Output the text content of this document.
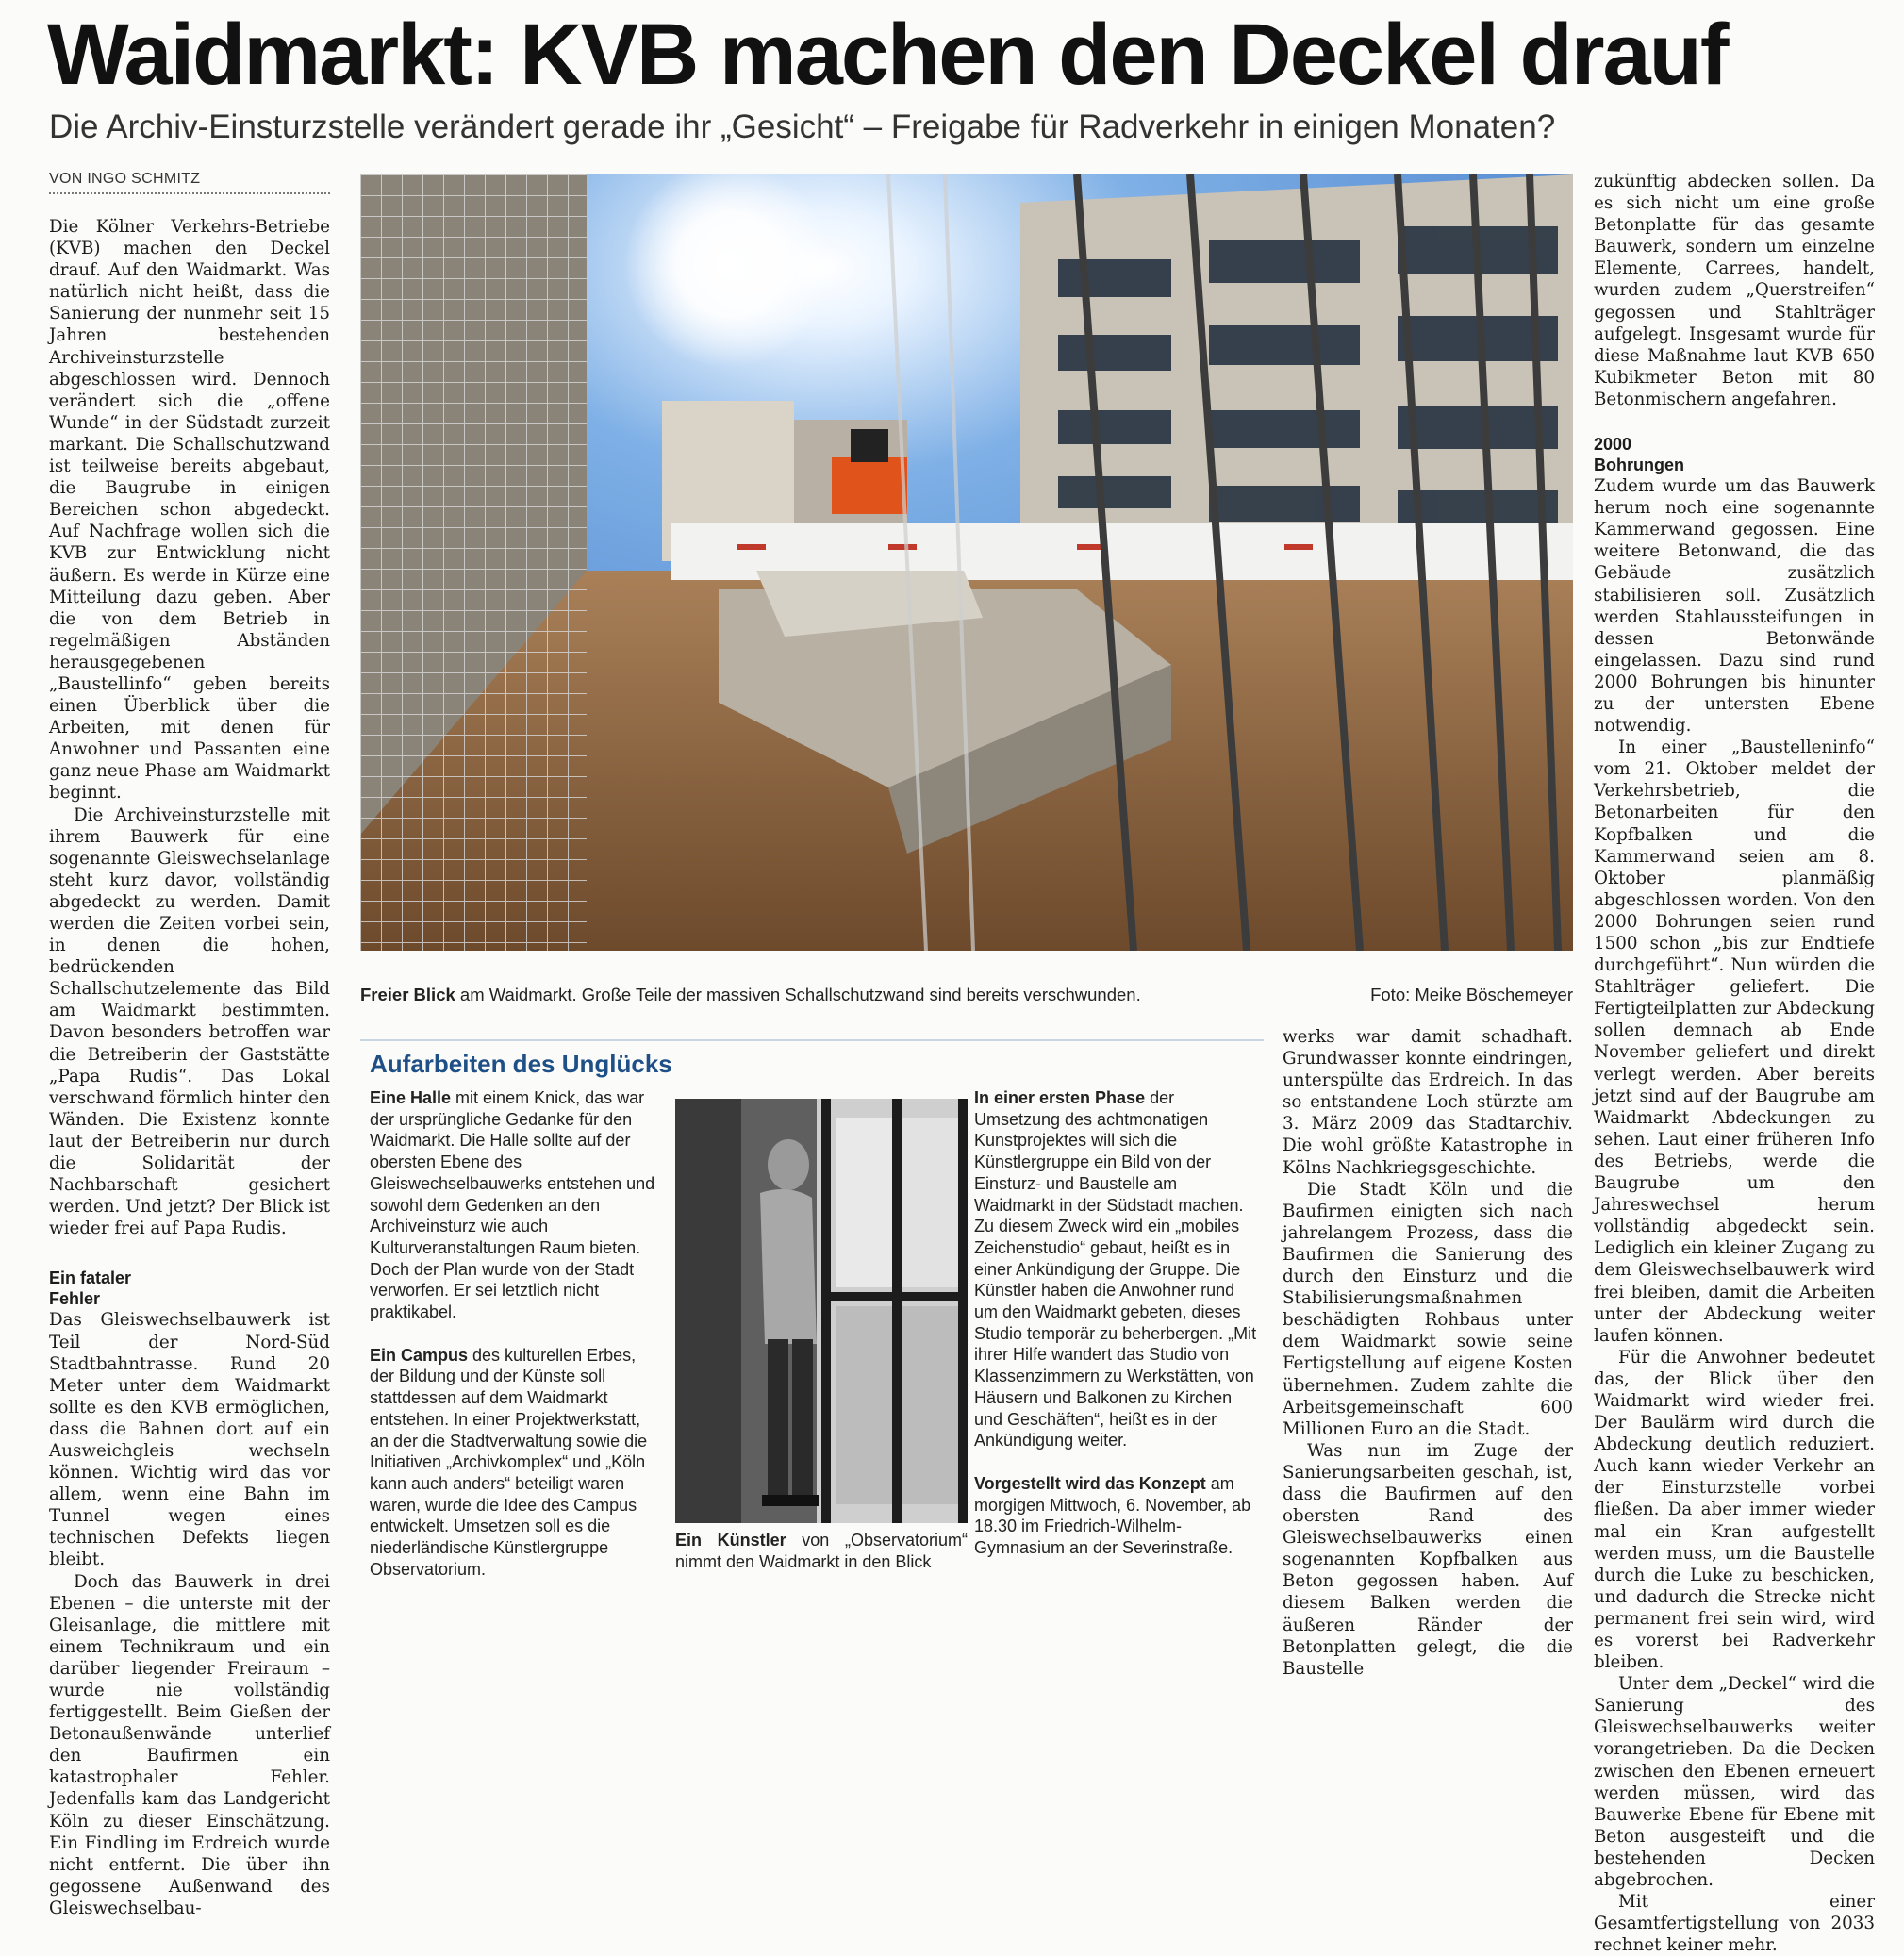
Waidmarkt: KVB machen den Deckel drauf
Die Archiv-Einsturzstelle verändert gerade ihr „Gesicht“ – Freigabe für Radverkehr in einigen Monaten?
VON INGO SCHMITZ

Die Kölner Verkehrs-Betriebe (KVB) machen den Deckel drauf. Auf den Waidmarkt. Was natürlich nicht heißt, dass die Sanierung der nunmehr seit 15 Jahren bestehenden Archiveinsturzstelle abgeschlossen wird. Dennoch verändert sich die „offene Wunde“ in der Südstadt zurzeit markant. Die Schallschutzwand ist teilweise bereits abgebaut, die Baugrube in einigen Bereichen schon abgedeckt. Auf Nachfrage wollen sich die KVB zur Entwicklung nicht äußern. Es werde in Kürze eine Mitteilung dazu geben. Aber die von dem Betrieb in regelmäßigen Abständen herausgegebenen „Baustellinfo“ geben bereits einen Überblick über die Arbeiten, mit denen für Anwohner und Passanten eine ganz neue Phase am Waidmarkt beginnt.

Die Archiveinsturzstelle mit ihrem Bauwerk für eine sogenannte Gleiswechselanlage steht kurz davor, vollständig abgedeckt zu werden. Damit werden die Zeiten vorbei sein, in denen die hohen, bedrückenden Schallschutzelemente das Bild am Waidmarkt bestimmten. Davon besonders betroffen war die Betreiberin der Gaststätte „Papa Rudis“. Das Lokal verschwand förmlich hinter den Wänden. Die Existenz konnte laut der Betreiberin nur durch die Solidarität der Nachbarschaft gesichert werden. Und jetzt? Der Blick ist wieder frei auf Papa Rudis.

Ein fataler Fehler

Das Gleiswechselbauwerk ist Teil der Nord-Süd Stadtbahntrasse. Rund 20 Meter unter dem Waidmarkt sollte es den KVB ermöglichen, dass die Bahnen dort auf ein Ausweichgleis wechseln können. Wichtig wird das vor allem, wenn eine Bahn im Tunnel wegen eines technischen Defekts liegen bleibt.

Doch das Bauwerk in drei Ebenen – die unterste mit der Gleisanlage, die mittlere mit einem Technikraum und ein darüber liegender Freiraum – wurde nie vollständig fertiggestellt. Beim Gießen der Betonaußenwände unterlief den Baufirmen ein katastrophaler Fehler. Jedenfalls kam das Landgericht Köln zu dieser Einschätzung. Ein Findling im Erdreich wurde nicht entfernt. Die über ihn gegossene Außenwand des Gleiswechselbau-

Freier Blick am Waidmarkt. Große Teile der massiven Schallschutzwand sind bereits verschwunden.	Foto: Meike Böschemeyer
Aufarbeiten des Unglücks

Eine Halle mit einem Knick, das war der ursprüngliche Gedanke für den Waidmarkt. Die Halle sollte auf der obersten Ebene des Gleiswechselbauwerks entstehen und sowohl dem Gedenken an den Archiveinsturz wie auch Kulturveranstaltungen Raum bieten. Doch der Plan wurde von der Stadt verworfen. Er sei letztlich nicht praktikabel.

Ein Campus des kulturellen Erbes, der Bildung und der Künste soll stattdessen auf dem Waidmarkt entstehen. In einer Projektwerkstatt, an der die Stadtverwaltung sowie die Initiativen „Archivkomplex“ und „Köln kann auch anders“ beteiligt waren waren, wurde die Idee des Campus entwickelt. Umsetzen soll es die niederländische Künstlergruppe Observatorium.

Ein Künstler von „Observatorium“ nimmt den Waidmarkt in den Blick

In einer ersten Phase der Umsetzung des achtmonatigen Kunstprojektes will sich die Künstlergruppe ein Bild von der Einsturz- und Baustelle am Waidmarkt in der Südstadt machen. Zu diesem Zweck wird ein „mobiles Zeichenstudio“ gebaut, heißt es in einer Ankündigung der Gruppe. Die Künstler haben die Anwohner rund um den Waidmarkt gebeten, dieses Studio temporär zu beherbergen. „Mit ihrer Hilfe wandert das Studio von Klassenzimmern zu Werkstätten, von Häusern und Balkonen zu Kirchen und Geschäften“, heißt es in der Ankündigung weiter.

Vorgestellt wird das Konzept am morgigen Mittwoch, 6. November, ab 18.30 im Friedrich-Wilhelm-Gymnasium an der Severinstraße.

werks war damit schadhaft. Grundwasser konnte eindringen, unterspülte das Erdreich. In das so entstandene Loch stürzte am 3. März 2009 das Stadtarchiv. Die wohl größte Katastrophe in Kölns Nachkriegsgeschichte.

Die Stadt Köln und die Baufirmen einigten sich nach jahrelangem Prozess, dass die Baufirmen die Sanierung des durch den Einsturz und die Stabilisierungsmaßnahmen beschädigten Rohbaus unter dem Waidmarkt sowie seine Fertigstellung auf eigene Kosten übernehmen. Zudem zahlte die Arbeitsgemeinschaft 600 Millionen Euro an die Stadt.

Was nun im Zuge der Sanierungsarbeiten geschah, ist, dass die Baufirmen auf den obersten Rand des Gleiswechselbauwerks einen sogenannten Kopfbalken aus Beton gegossen haben. Auf diesem Balken werden die äußeren Ränder der Betonplatten gelegt, die die Baustelle

zukünftig abdecken sollen. Da es sich nicht um eine große Betonplatte für das gesamte Bauwerk, sondern um einzelne Elemente, Carrees, handelt, wurden zudem „Querstreifen“ gegossen und Stahlträger aufgelegt. Insgesamt wurde für diese Maßnahme laut KVB 650 Kubikmeter Beton mit 80 Betonmischern angefahren.

2000 Bohrungen

Zudem wurde um das Bauwerk herum noch eine sogenannte Kammerwand gegossen. Eine weitere Betonwand, die das Gebäude zusätzlich stabilisieren soll. Zusätzlich werden Stahlaussteifungen in dessen Betonwände eingelassen. Dazu sind rund 2000 Bohrungen bis hinunter zu der untersten Ebene notwendig.

In einer „Baustelleninfo“ vom 21. Oktober meldet der Verkehrsbetrieb, die Betonarbeiten für den Kopfbalken und die Kammerwand seien am 8. Oktober planmäßig abgeschlossen worden. Von den 2000 Bohrungen seien rund 1500 schon „bis zur Endtiefe durchgeführt“. Nun würden die Stahlträger geliefert. Die Fertigteilplatten zur Abdeckung sollen demnach ab Ende November geliefert und direkt verlegt werden. Aber bereits jetzt sind auf der Baugrube am Waidmarkt Abdeckungen zu sehen. Laut einer früheren Info des Betriebs, werde die Baugrube um den Jahreswechsel herum vollständig abgedeckt sein. Lediglich ein kleiner Zugang zu dem Gleiswechselbauwerk wird frei bleiben, damit die Arbeiten unter der Abdeckung weiter laufen können.

Für die Anwohner bedeutet das, der Blick über den Waidmarkt wird wieder frei. Der Baulärm wird durch die Abdeckung deutlich reduziert. Auch kann wieder Verkehr an der Einsturzstelle vorbei fließen. Da aber immer wieder mal ein Kran aufgestellt werden muss, um die Baustelle durch die Luke zu beschicken, und dadurch die Strecke nicht permanent frei sein wird, wird es vorerst bei Radverkehr bleiben.

Unter dem „Deckel“ wird die Sanierung des Gleiswechselbauwerks weiter vorangetrieben. Da die Decken zwischen den Ebenen erneuert werden müssen, wird das Bauwerke Ebene für Ebene mit Beton ausgesteift und die bestehenden Decken abgebrochen.

Mit einer Gesamtfertigstellung von 2033 rechnet keiner mehr.
